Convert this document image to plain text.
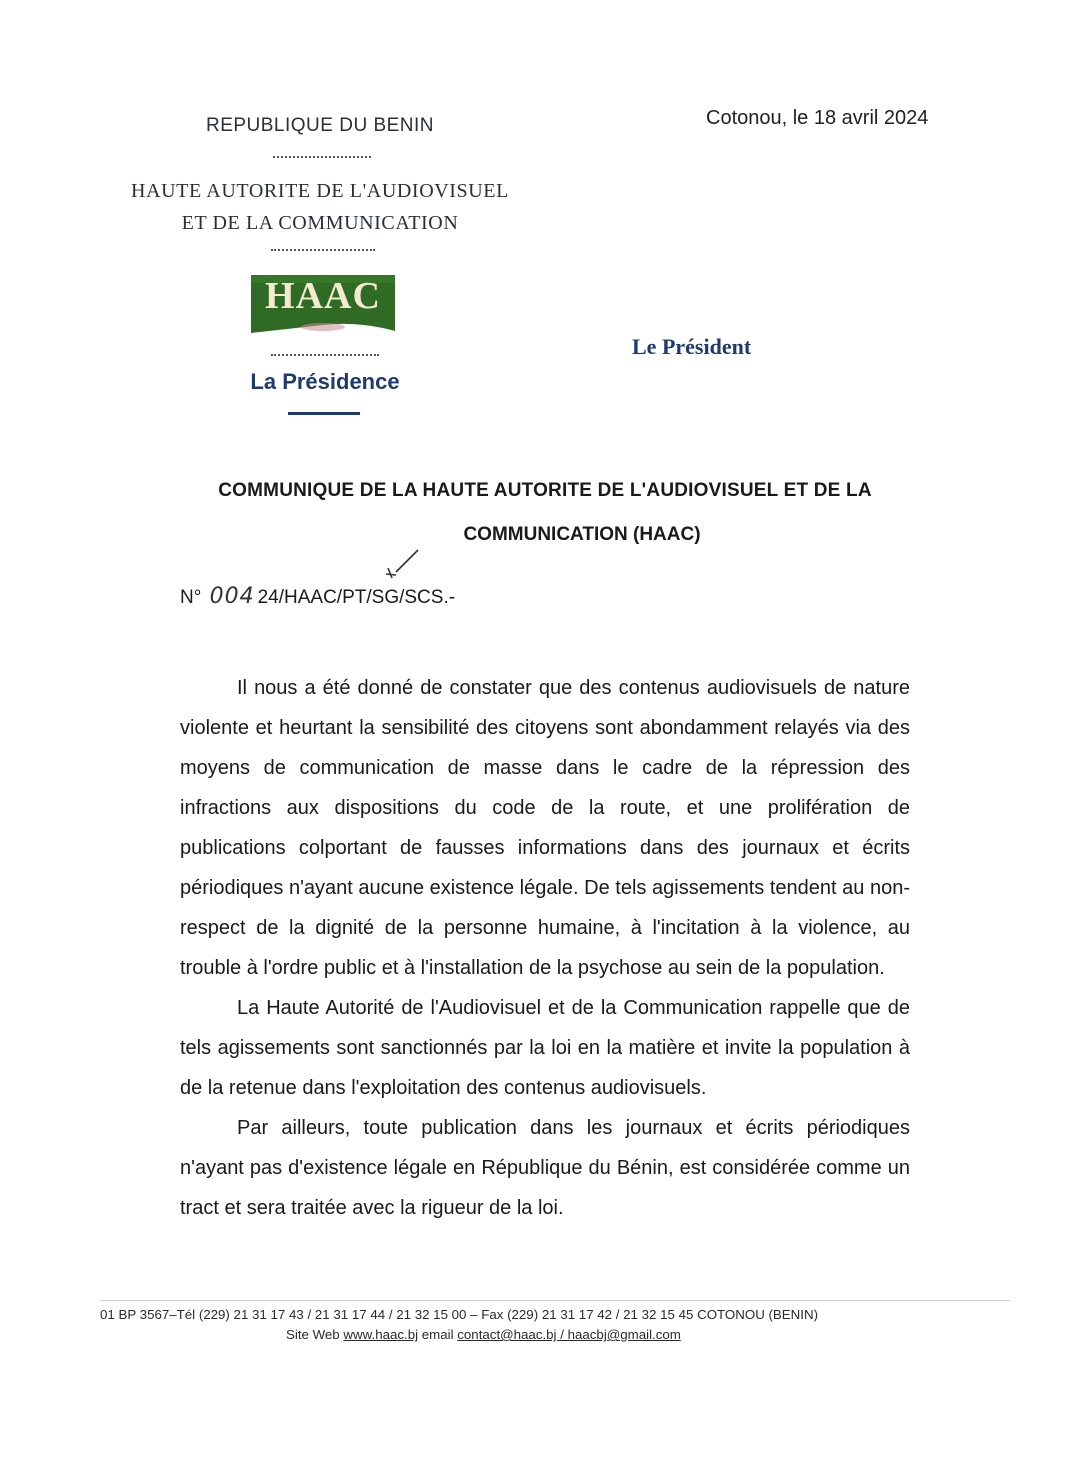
REPUBLIQUE DU BENIN
HAUTE AUTORITE DE L'AUDIOVISUEL
ET DE LA COMMUNICATION
HAAC
La Présidence
Cotonou, le 18 avril 2024
Le Président
COMMUNIQUE DE LA HAUTE AUTORITE DE L'AUDIOVISUEL ET DE LA
COMMUNICATION (HAAC)
N° 004 24/HAAC/PT/SG/SCS.-

Il nous a été donné de constater que des contenus audiovisuels de nature violente et heurtant la sensibilité des citoyens sont abondamment relayés via des moyens de communication de masse dans le cadre de la répression des infractions aux dispositions du code de la route, et une prolifération de publications colportant de fausses informations dans des journaux et écrits périodiques n'ayant aucune existence légale. De tels agissements tendent au non-respect de la dignité de la personne humaine, à l'incitation à la violence, au trouble à l'ordre public et à l'installation de la psychose au sein de la population.

La Haute Autorité de l'Audiovisuel et de la Communication rappelle que de tels agissements sont sanctionnés par la loi en la matière et invite la population à de la retenue dans l'exploitation des contenus audiovisuels.

Par ailleurs, toute publication dans les journaux et écrits périodiques n'ayant pas d'existence légale en République du Bénin, est considérée comme un tract et sera traitée avec la rigueur de la loi.

01 BP 3567–Tél (229) 21 31 17 43 / 21 31 17 44 / 21 32 15 00 – Fax (229) 21 31 17 42 / 21 32 15 45 COTONOU (BENIN)
Site Web www.haac.bj email contact@haac.bj / haacbj@gmail.com
